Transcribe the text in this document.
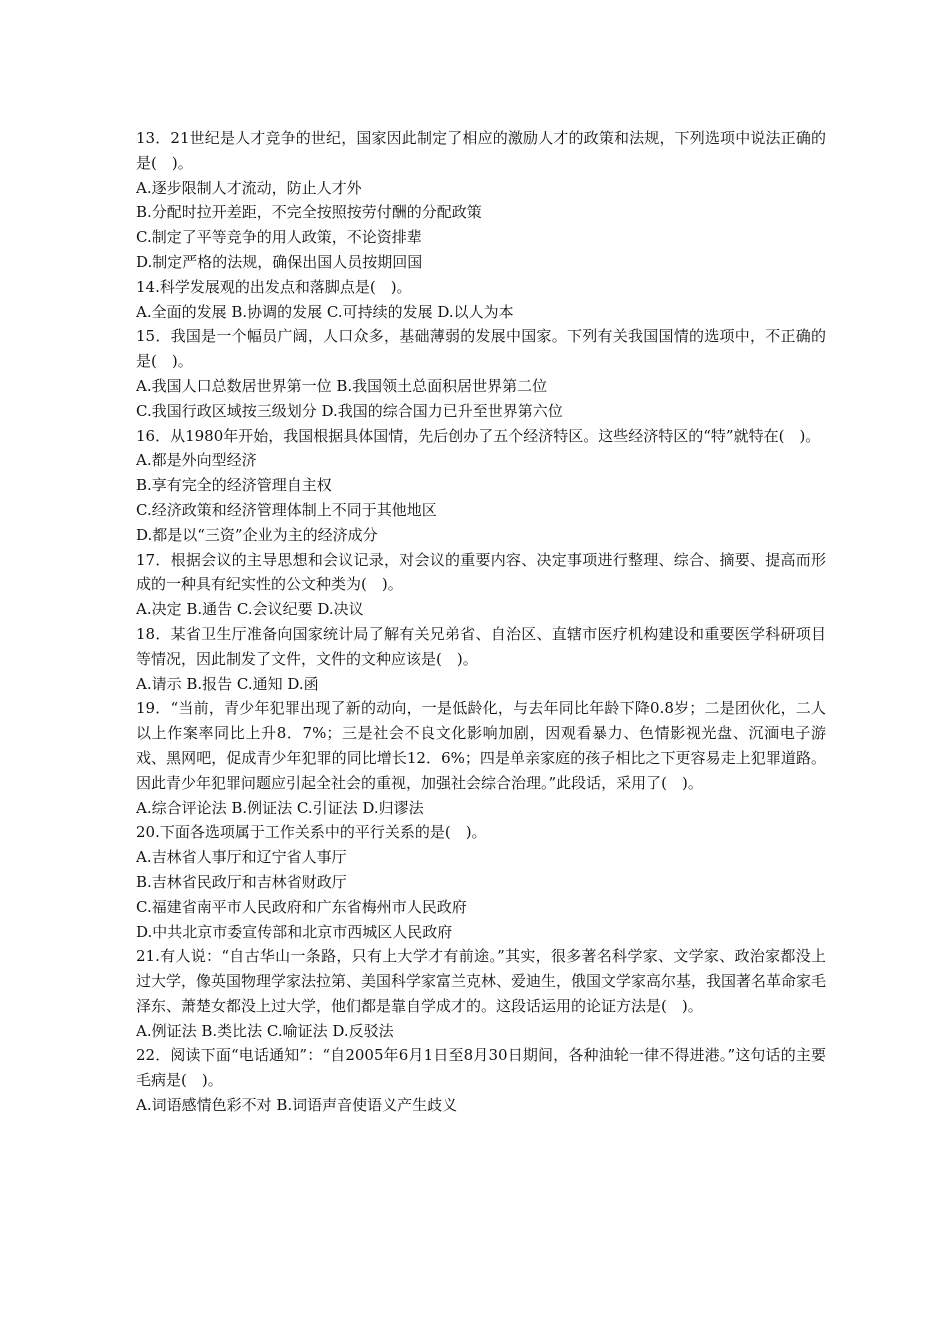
13．21世纪是人才竞争的世纪，国家因此制定了相应的激励人才的政策和法规，下列选项中说法正确的是(　)。

A.逐步限制人才流动，防止人才外

B.分配时拉开差距，不完全按照按劳付酬的分配政策

C.制定了平等竞争的用人政策，不论资排辈

D.制定严格的法规，确保出国人员按期回国

14.科学发展观的出发点和落脚点是(　)。

A.全面的发展 B.协调的发展 C.可持续的发展 D.以人为本

15．我国是一个幅员广阔，人口众多，基础薄弱的发展中国家。下列有关我国国情的选项中，不正确的是(　)。

A.我国人口总数居世界第一位 B.我国领土总面积居世界第二位

C.我国行政区域按三级划分 D.我国的综合国力已升至世界第六位

16．从1980年开始，我国根据具体国情，先后创办了五个经济特区。这些经济特区的“特”就特在(　)。

A.都是外向型经济

B.享有完全的经济管理自主权

C.经济政策和经济管理体制上不同于其他地区

D.都是以“三资”企业为主的经济成分

17．根据会议的主导思想和会议记录，对会议的重要内容、决定事项进行整理、综合、摘要、提高而形成的一种具有纪实性的公文种类为(　)。

A.决定 B.通告 C.会议纪要 D.决议

18．某省卫生厅准备向国家统计局了解有关兄弟省、自治区、直辖市医疗机构建设和重要医学科研项目等情况，因此制发了文件，文件的文种应该是(　)。

A.请示 B.报告 C.通知 D.函

19．“当前，青少年犯罪出现了新的动向，一是低龄化，与去年同比年龄下降0.8岁；二是团伙化，二人以上作案率同比上升8．7%；三是社会不良文化影响加剧，因观看暴力、色情影视光盘、沉湎电子游戏、黑网吧，促成青少年犯罪的同比增长12．6%；四是单亲家庭的孩子相比之下更容易走上犯罪道路。因此青少年犯罪问题应引起全社会的重视，加强社会综合治理。”此段话，采用了(　)。

A.综合评论法 B.例证法 C.引证法 D.归谬法

20.下面各选项属于工作关系中的平行关系的是(　)。

A.吉林省人事厅和辽宁省人事厅

B.吉林省民政厅和吉林省财政厅

C.福建省南平市人民政府和广东省梅州市人民政府

D.中共北京市委宣传部和北京市西城区人民政府

21.有人说：“自古华山一条路，只有上大学才有前途。”其实，很多著名科学家、文学家、政治家都没上过大学，像英国物理学家法拉第、美国科学家富兰克林、爱迪生，俄国文学家高尔基，我国著名革命家毛泽东、萧楚女都没上过大学，他们都是靠自学成才的。这段话运用的论证方法是(　)。

A.例证法 B.类比法 C.喻证法 D.反驳法

22．阅读下面“电话通知”：“自2005年6月1日至8月30日期间，各种油轮一律不得进港。”这句话的主要毛病是(　)。

A.词语感情色彩不对 B.词语声音使语义产生歧义
